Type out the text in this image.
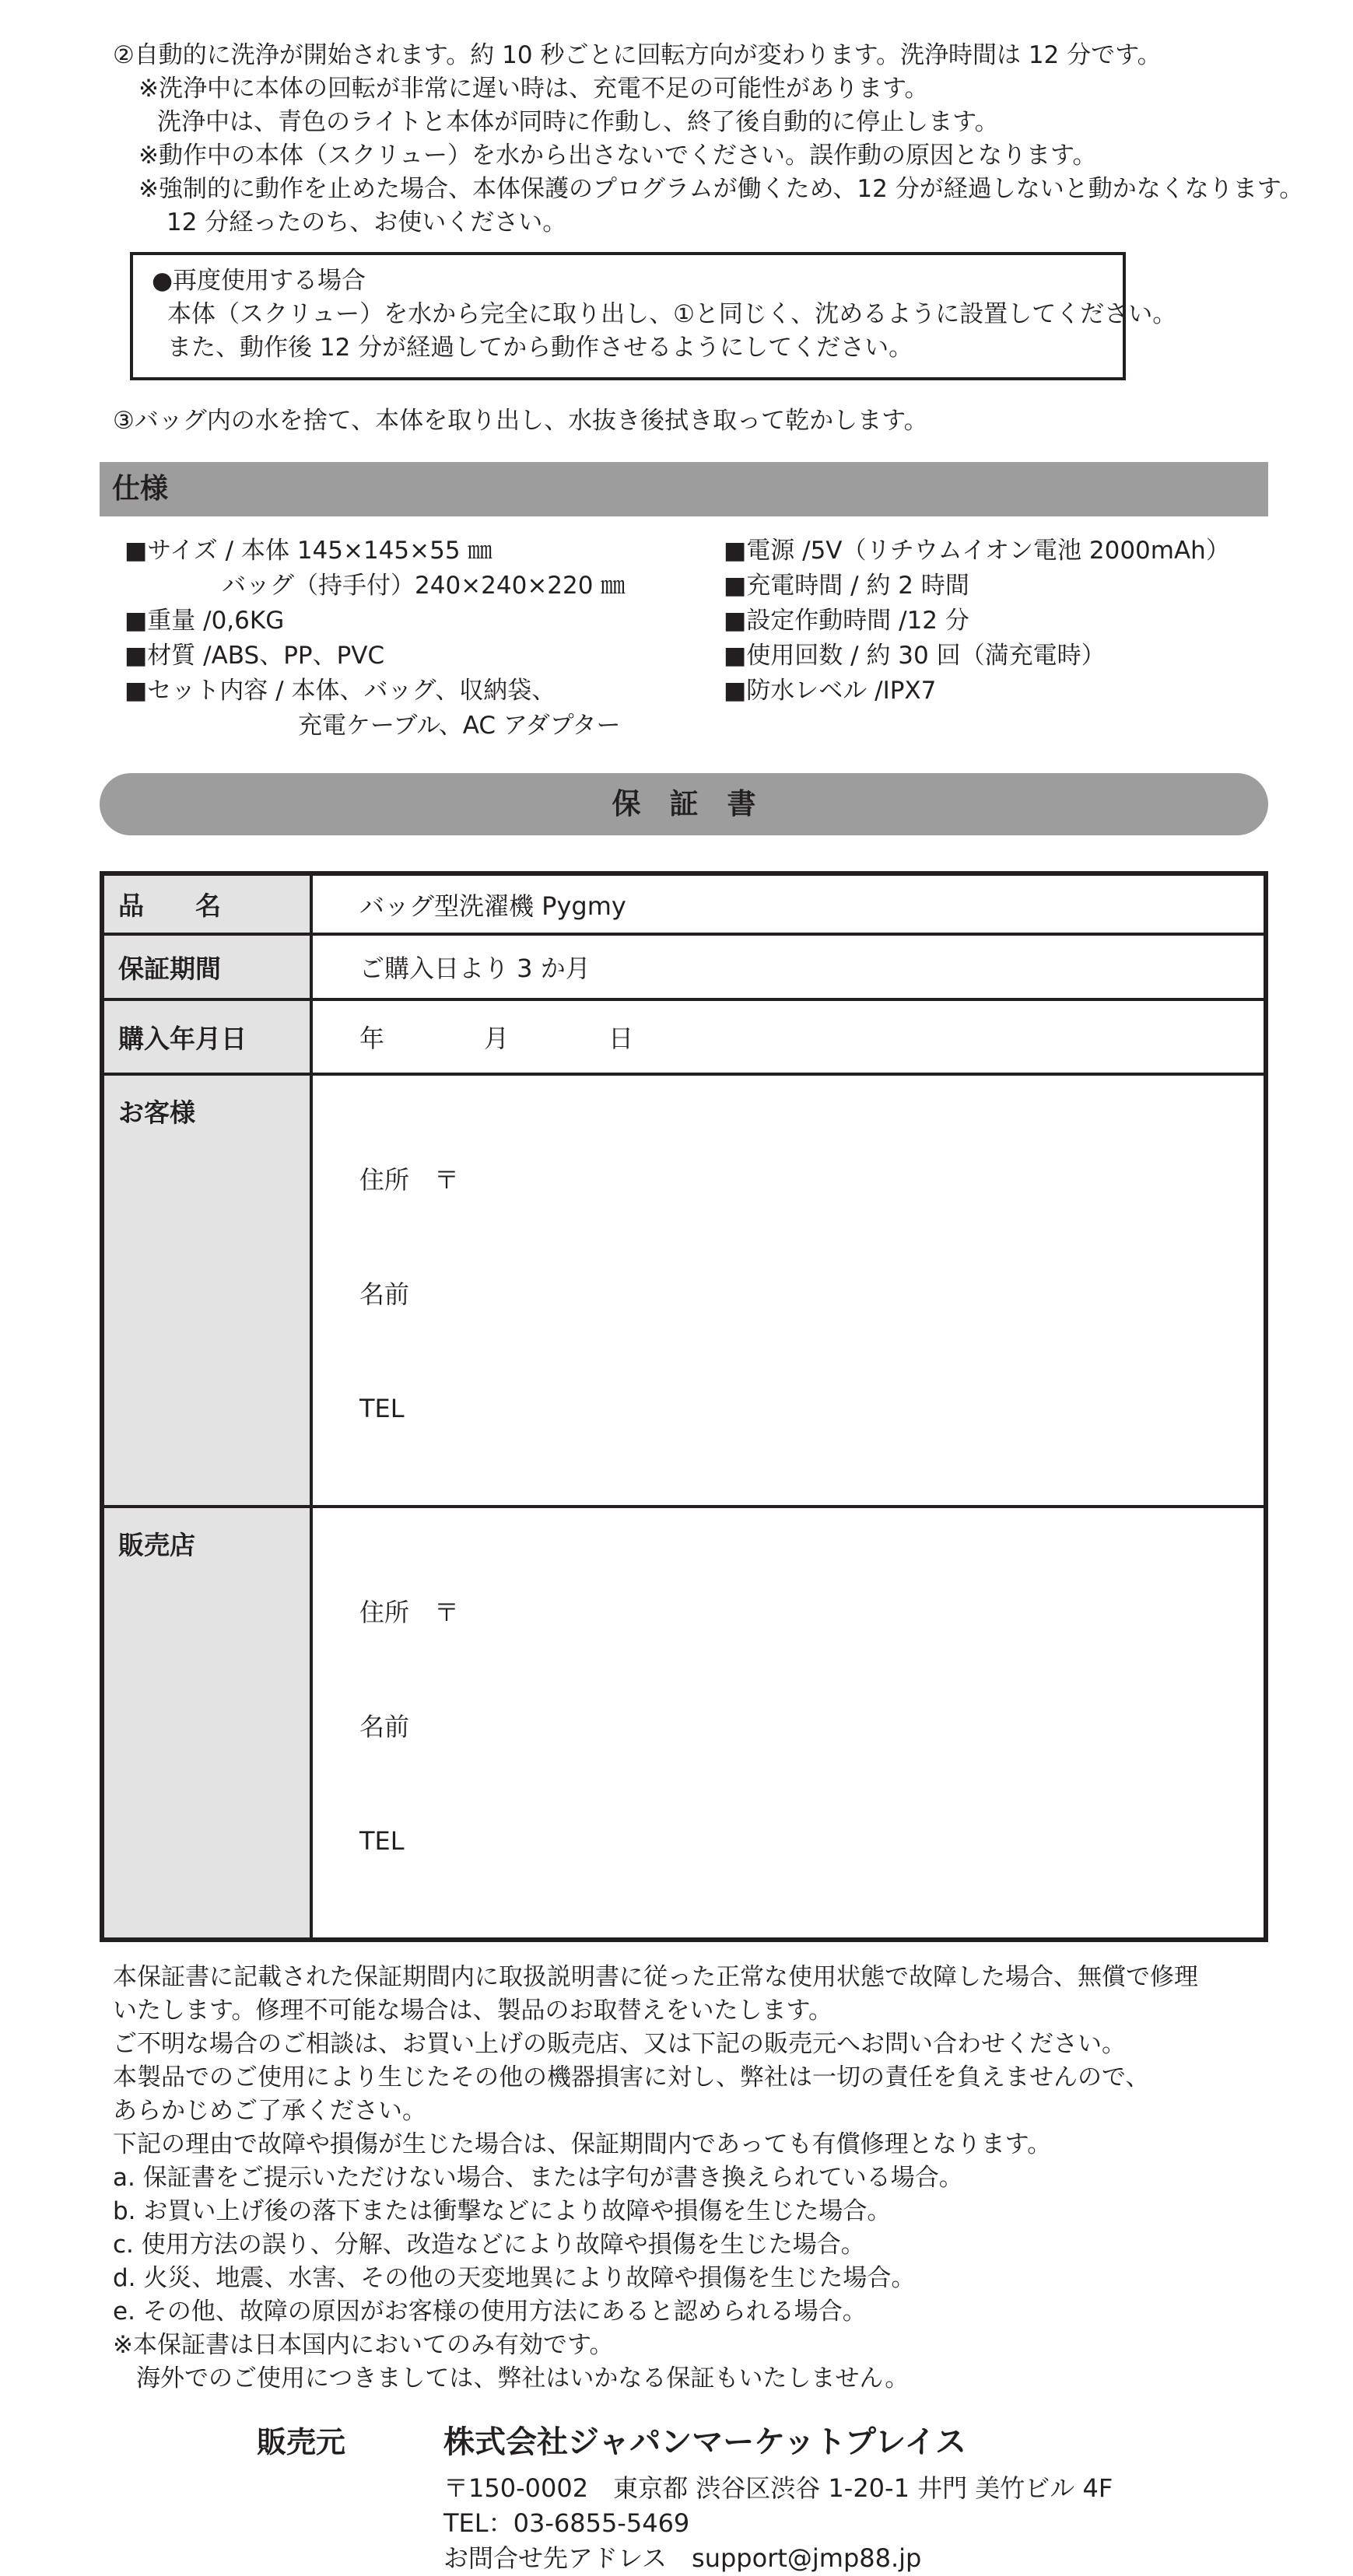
②自動的に洗浄が開始されます。約 10 秒ごとに回転方向が変わります。洗浄時間は 12 分です。
※洗浄中に本体の回転が非常に遅い時は、充電不足の可能性があります。
洗浄中は、青色のライトと本体が同時に作動し、終了後自動的に停止します。
※動作中の本体（スクリュー）を水から出さないでください。誤作動の原因となります。
※強制的に動作を止めた場合、本体保護のプログラムが働くため、12 分が経過しないと動かなくなります。
12 分経ったのち、お使いください。
●再度使用する場合
本体（スクリュー）を水から完全に取り出し、①と同じく、沈めるように設置してください。
また、動作後 12 分が経過してから動作させるようにしてください。
③バッグ内の水を捨て、本体を取り出し、水抜き後拭き取って乾かします。
仕様
■サイズ / 本体 145×145×55 ㎜
バッグ（持手付）240×240×220 ㎜
■重量 /0,6KG
■材質 /ABS、PP、PVC
■セット内容 / 本体、バッグ、収納袋、
充電ケーブル、AC アダプター
■電源 /5V（リチウムイオン電池 2000mAh）
■充電時間 / 約 2 時間
■設定作動時間 /12 分
■使用回数 / 約 30 回（満充電時）
■防水レベル /IPX7
保　証　書
品　　名	バッグ型洗濯機 Pygmy
保証期間	ご購入日より 3 か月
購入年月日	年　　　　月　　　　日
お客様	住所　〒

名前

TEL

販売店	住所　〒

名前

TEL

本保証書に記載された保証期間内に取扱説明書に従った正常な使用状態で故障した場合、無償で修理
いたします。修理不可能な場合は、製品のお取替えをいたします。
ご不明な場合のご相談は、お買い上げの販売店、又は下記の販売元へお問い合わせください。
本製品でのご使用により生じたその他の機器損害に対し、弊社は一切の責任を負えませんので、
あらかじめご了承ください。
下記の理由で故障や損傷が生じた場合は、保証期間内であっても有償修理となります。
a. 保証書をご提示いただけない場合、または字句が書き換えられている場合。
b. お買い上げ後の落下または衝撃などにより故障や損傷を生じた場合。
c. 使用方法の誤り、分解、改造などにより故障や損傷を生じた場合。
d. 火災、地震、水害、その他の天変地異により故障や損傷を生じた場合。
e. その他、故障の原因がお客様の使用方法にあると認められる場合。
※本保証書は日本国内においてのみ有効です。
海外でのご使用につきましては、弊社はいかなる保証もいたしません。
販売元	株式会社ジャパンマーケットプレイス
〒150-0002　東京都 渋谷区渋谷 1-20-1 井門 美竹ビル 4F
TEL：03-6855-5469
お問合せ先アドレス　support@jmp88.jp
